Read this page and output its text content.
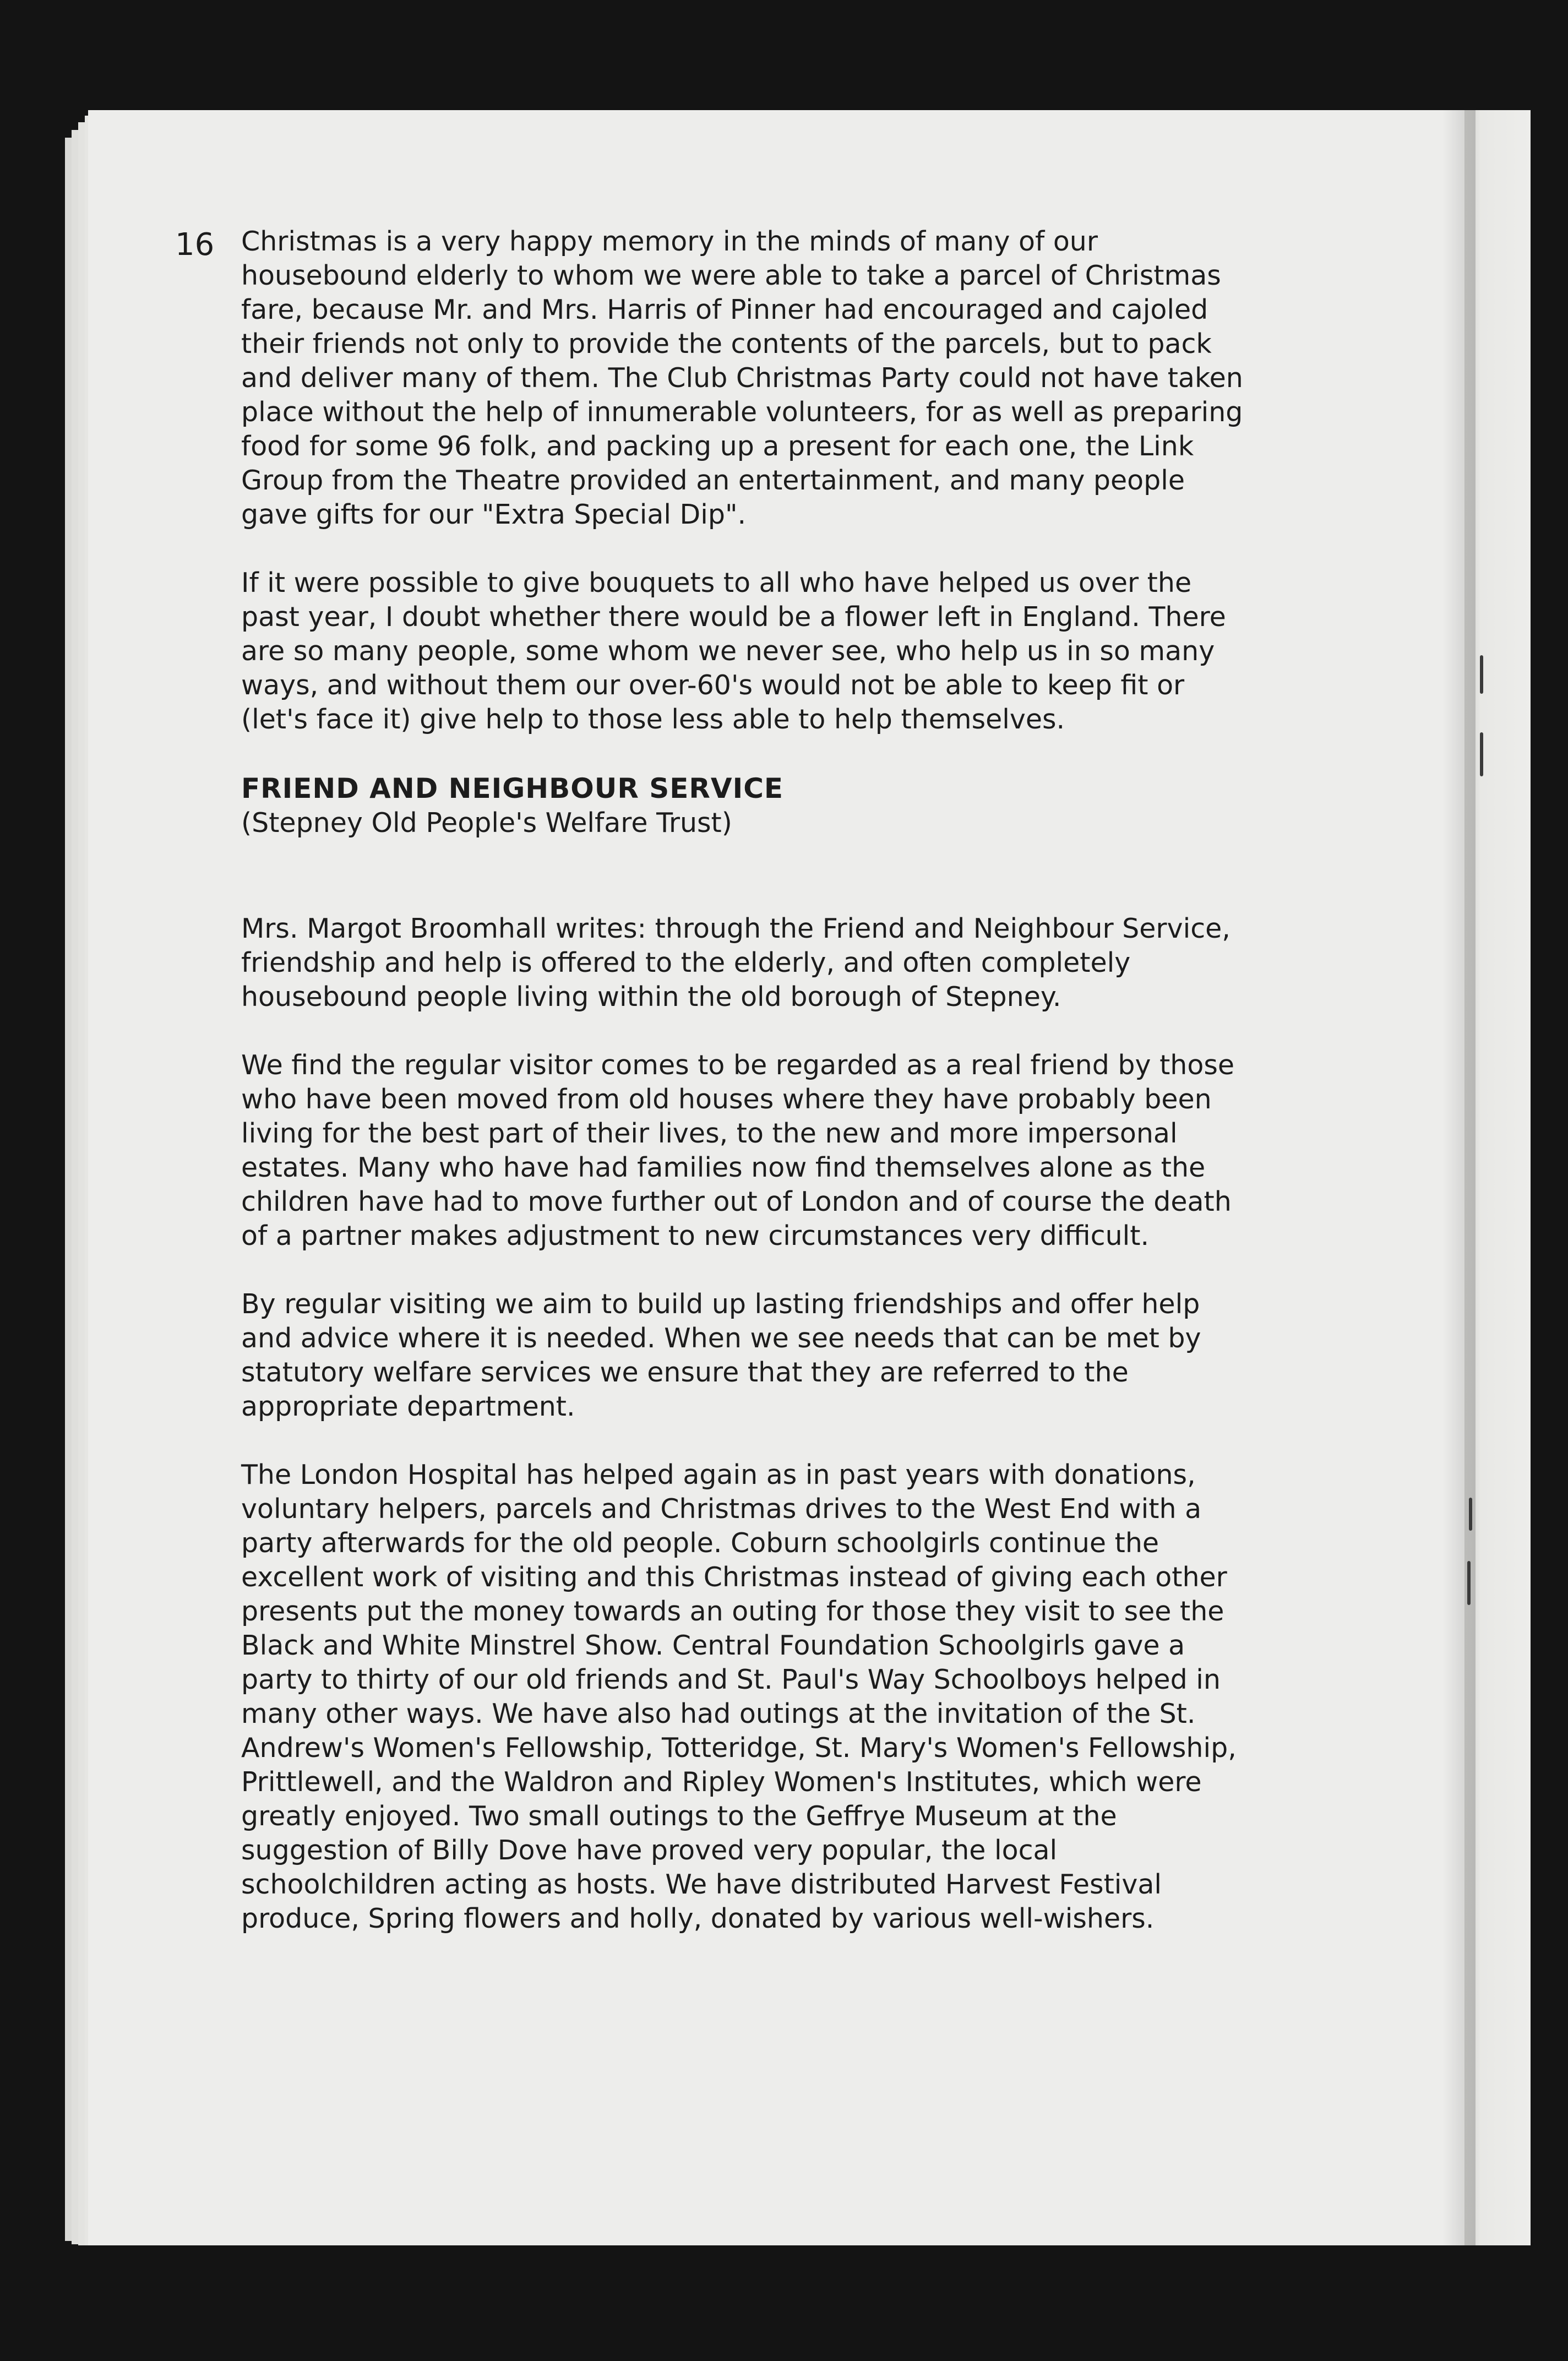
16 Christmas is a very happy memory in the minds of many of our housebound elderly to whom we were able to take a parcel of Christmas fare, because Mr. and Mrs. Harris of Pinner had encouraged and cajoled their friends not only to provide the contents of the parcels, but to pack and deliver many of them. The Club Christmas Party could not have taken place without the help of innumerable volunteers, for as well as preparing food for some 96 folk, and packing up a present for each one, the Link Group from the Theatre provided an entertainment, and many people gave gifts for our "Extra Special Dip".

If it were possible to give bouquets to all who have helped us over the past year, I doubt whether there would be a flower left in England. There are so many people, some whom we never see, who help us in so many ways, and without them our over-60's would not be able to keep fit or (let's face it) give help to those less able to help themselves.

FRIEND AND NEIGHBOUR SERVICE
(Stepney Old People's Welfare Trust)

Mrs. Margot Broomhall writes: through the Friend and Neighbour Service, friendship and help is offered to the elderly, and often completely housebound people living within the old borough of Stepney.

We find the regular visitor comes to be regarded as a real friend by those who have been moved from old houses where they have probably been living for the best part of their lives, to the new and more impersonal estates. Many who have had families now find themselves alone as the children have had to move further out of London and of course the death of a partner makes adjustment to new circumstances very difficult.

By regular visiting we aim to build up lasting friendships and offer help and advice where it is needed. When we see needs that can be met by statutory welfare services we ensure that they are referred to the appropriate department.

The London Hospital has helped again as in past years with donations, voluntary helpers, parcels and Christmas drives to the West End with a party afterwards for the old people. Coburn schoolgirls continue the excellent work of visiting and this Christmas instead of giving each other presents put the money towards an outing for those they visit to see the Black and White Minstrel Show. Central Foundation Schoolgirls gave a party to thirty of our old friends and St. Paul's Way Schoolboys helped in many other ways. We have also had outings at the invitation of the St. Andrew's Women's Fellowship, Totteridge, St. Mary's Women's Fellowship, Prittlewell, and the Waldron and Ripley Women's Institutes, which were greatly enjoyed. Two small outings to the Geffrye Museum at the suggestion of Billy Dove have proved very popular, the local schoolchildren acting as hosts. We have distributed Harvest Festival produce, Spring flowers and holly, donated by various well-wishers.
